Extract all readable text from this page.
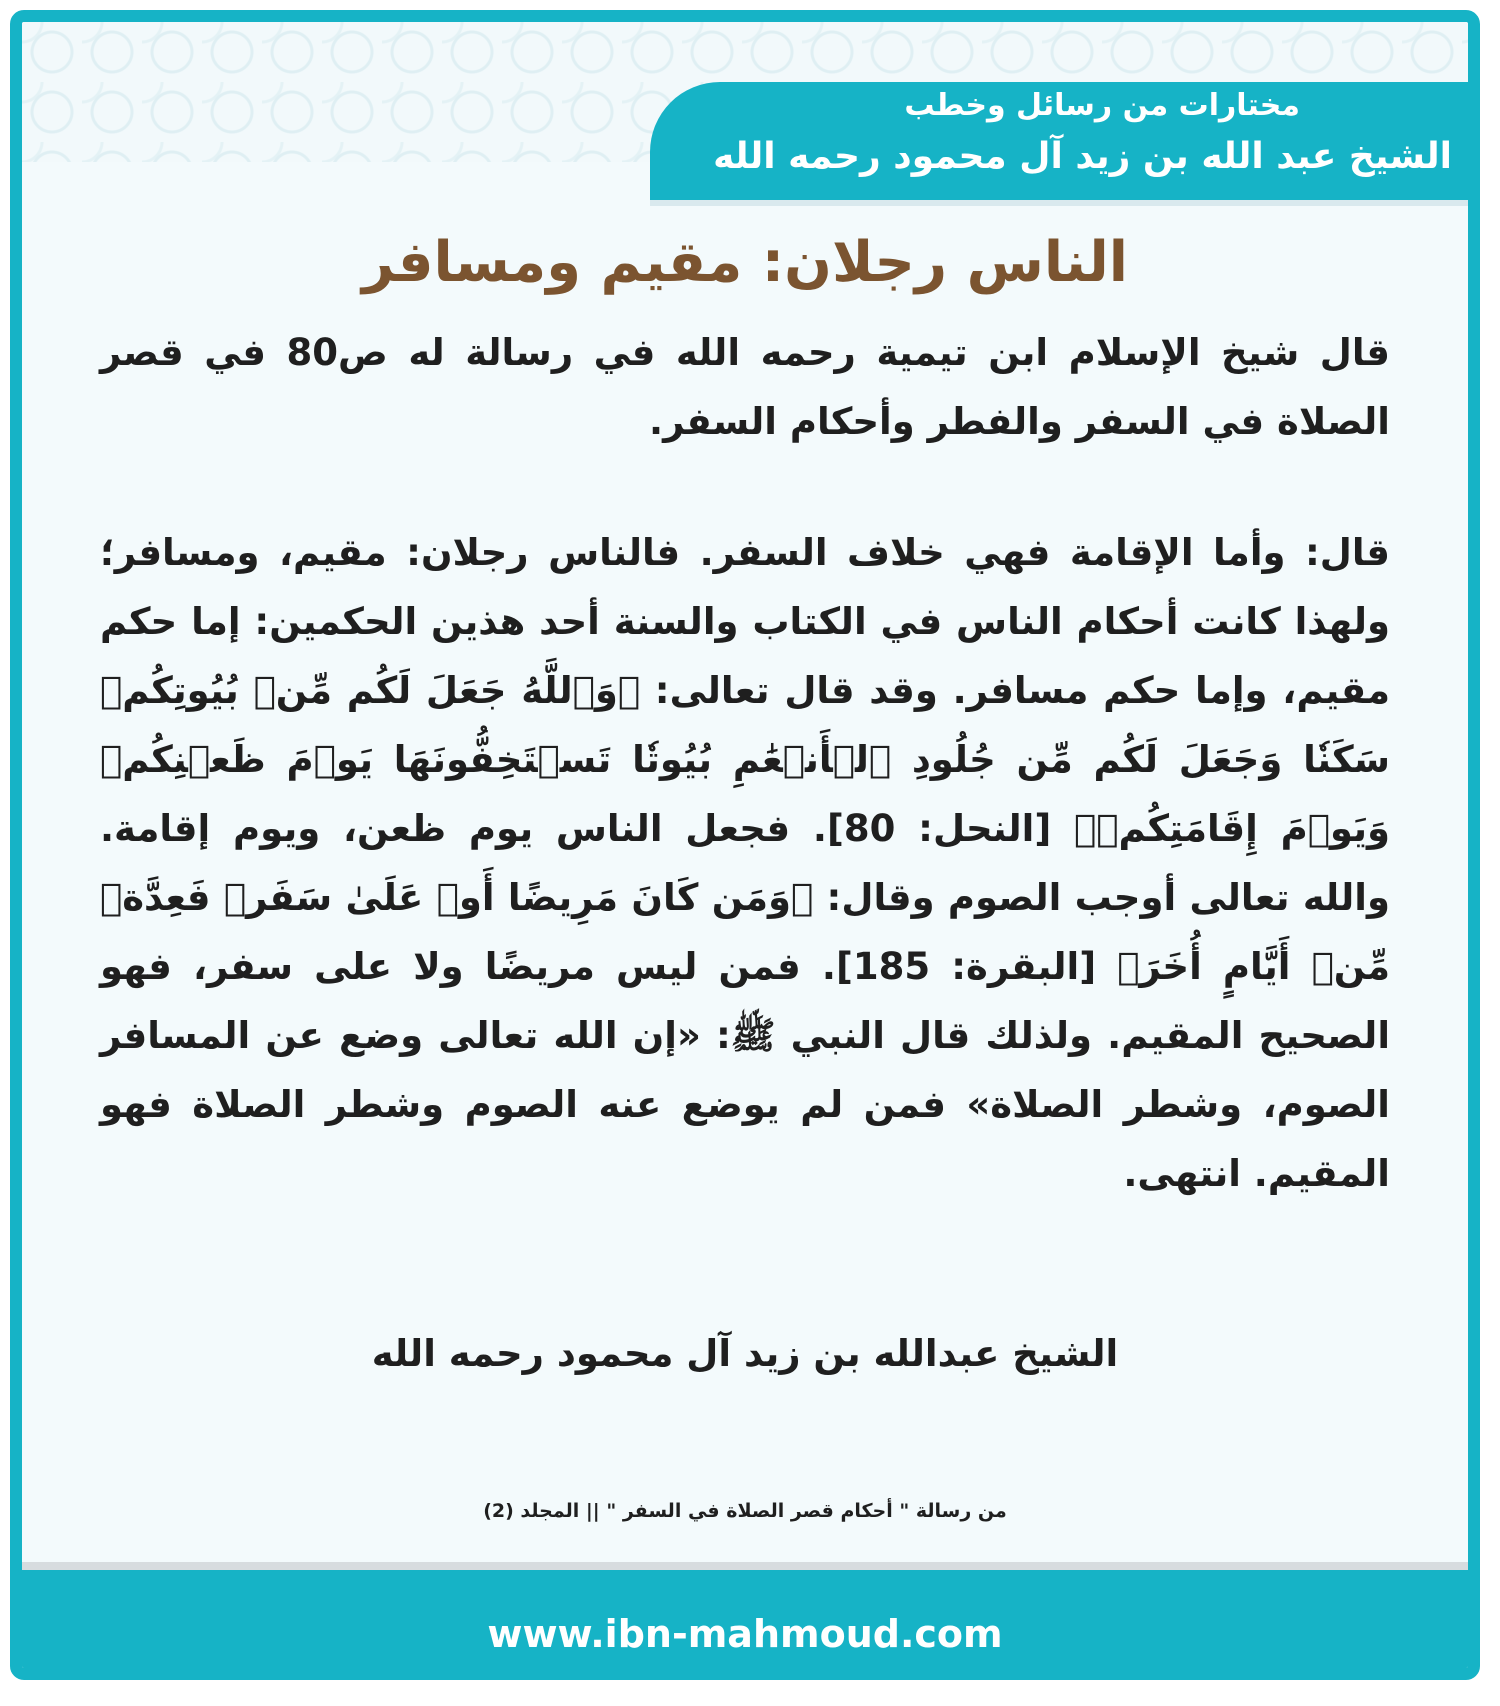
مختارات من رسائل وخطب
الشيخ عبد الله بن زيد آل محمود رحمه الله
الناس رجلان: مقيم ومسافر
قال شيخ الإسلام ابن تيمية رحمه الله في رسالة له ص80 في قصر الصلاة في السفر والفطر وأحكام السفر.
قال: وأما الإقامة فهي خلاف السفر. فالناس رجلان: مقيم، ومسافر؛ ولهذا كانت أحكام الناس في الكتاب والسنة أحد هذين الحكمين: إما حكم مقيم، وإما حكم مسافر. وقد قال تعالى: ﴿وَٱللَّهُ جَعَلَ لَكُم مِّنۢ بُيُوتِكُمۡ سَكَنٗا وَجَعَلَ لَكُم مِّن جُلُودِ ٱلۡأَنۡعَٰمِ بُيُوتٗا تَسۡتَخِفُّونَهَا يَوۡمَ ظَعۡنِكُمۡ وَيَوۡمَ إِقَامَتِكُمۡ﴾ [النحل: 80]. فجعل الناس يوم ظعن، ويوم إقامة. والله تعالى أوجب الصوم وقال: ﴿وَمَن كَانَ مَرِيضًا أَوۡ عَلَىٰ سَفَرٖ فَعِدَّةٞ مِّنۡ أَيَّامٍ أُخَرَ﴾ [البقرة: 185]. فمن ليس مريضًا ولا على سفر، فهو الصحيح المقيم. ولذلك قال النبي ﷺ: «إن الله تعالى وضع عن المسافر الصوم، وشطر الصلاة» فمن لم يوضع عنه الصوم وشطر الصلاة فهو المقيم. انتهى.
الشيخ عبدالله بن زيد آل محمود رحمه الله
من رسالة " أحكام قصر الصلاة في السفر " || المجلد (2)
www.ibn-mahmoud.com
